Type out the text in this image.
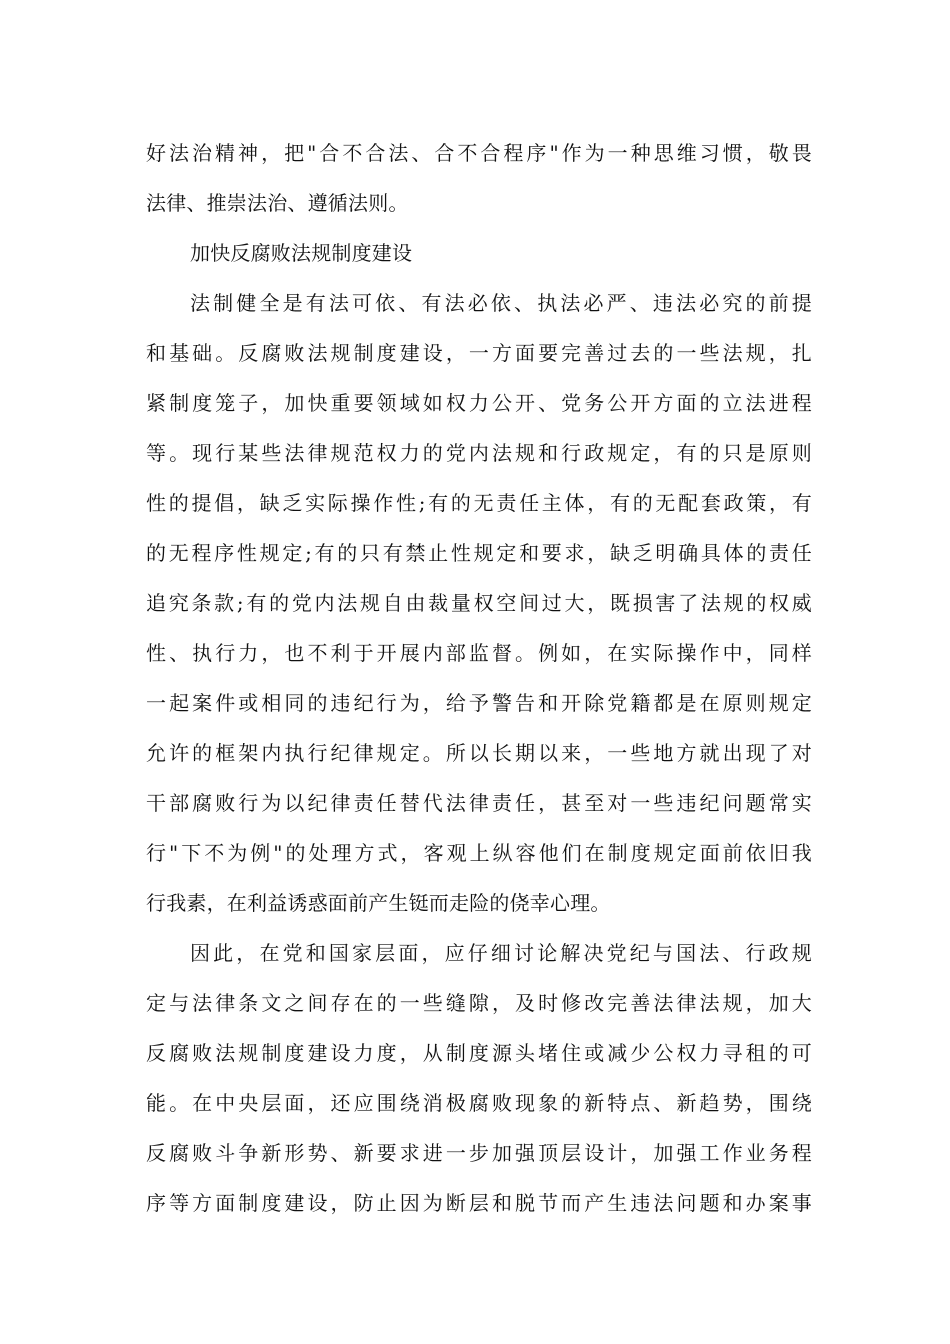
好法治精神，把"合不合法、合不合程序"作为一种思维习惯，敬畏
法律、推崇法治、遵循法则。
加快反腐败法规制度建设
法制健全是有法可依、有法必依、执法必严、违法必究的前提
和基础。反腐败法规制度建设，一方面要完善过去的一些法规，扎
紧制度笼子，加快重要领域如权力公开、党务公开方面的立法进程
等。现行某些法律规范权力的党内法规和行政规定，有的只是原则
性的提倡，缺乏实际操作性;有的无责任主体，有的无配套政策，有
的无程序性规定;有的只有禁止性规定和要求，缺乏明确具体的责任
追究条款;有的党内法规自由裁量权空间过大，既损害了法规的权威
性、执行力，也不利于开展内部监督。例如，在实际操作中，同样
一起案件或相同的违纪行为，给予警告和开除党籍都是在原则规定
允许的框架内执行纪律规定。所以长期以来，一些地方就出现了对
干部腐败行为以纪律责任替代法律责任，甚至对一些违纪问题常实
行"下不为例"的处理方式，客观上纵容他们在制度规定面前依旧我
行我素，在利益诱惑面前产生铤而走险的侥幸心理。
因此，在党和国家层面，应仔细讨论解决党纪与国法、行政规
定与法律条文之间存在的一些缝隙，及时修改完善法律法规，加大
反腐败法规制度建设力度，从制度源头堵住或减少公权力寻租的可
能。在中央层面，还应围绕消极腐败现象的新特点、新趋势，围绕
反腐败斗争新形势、新要求进一步加强顶层设计，加强工作业务程
序等方面制度建设，防止因为断层和脱节而产生违法问题和办案事
